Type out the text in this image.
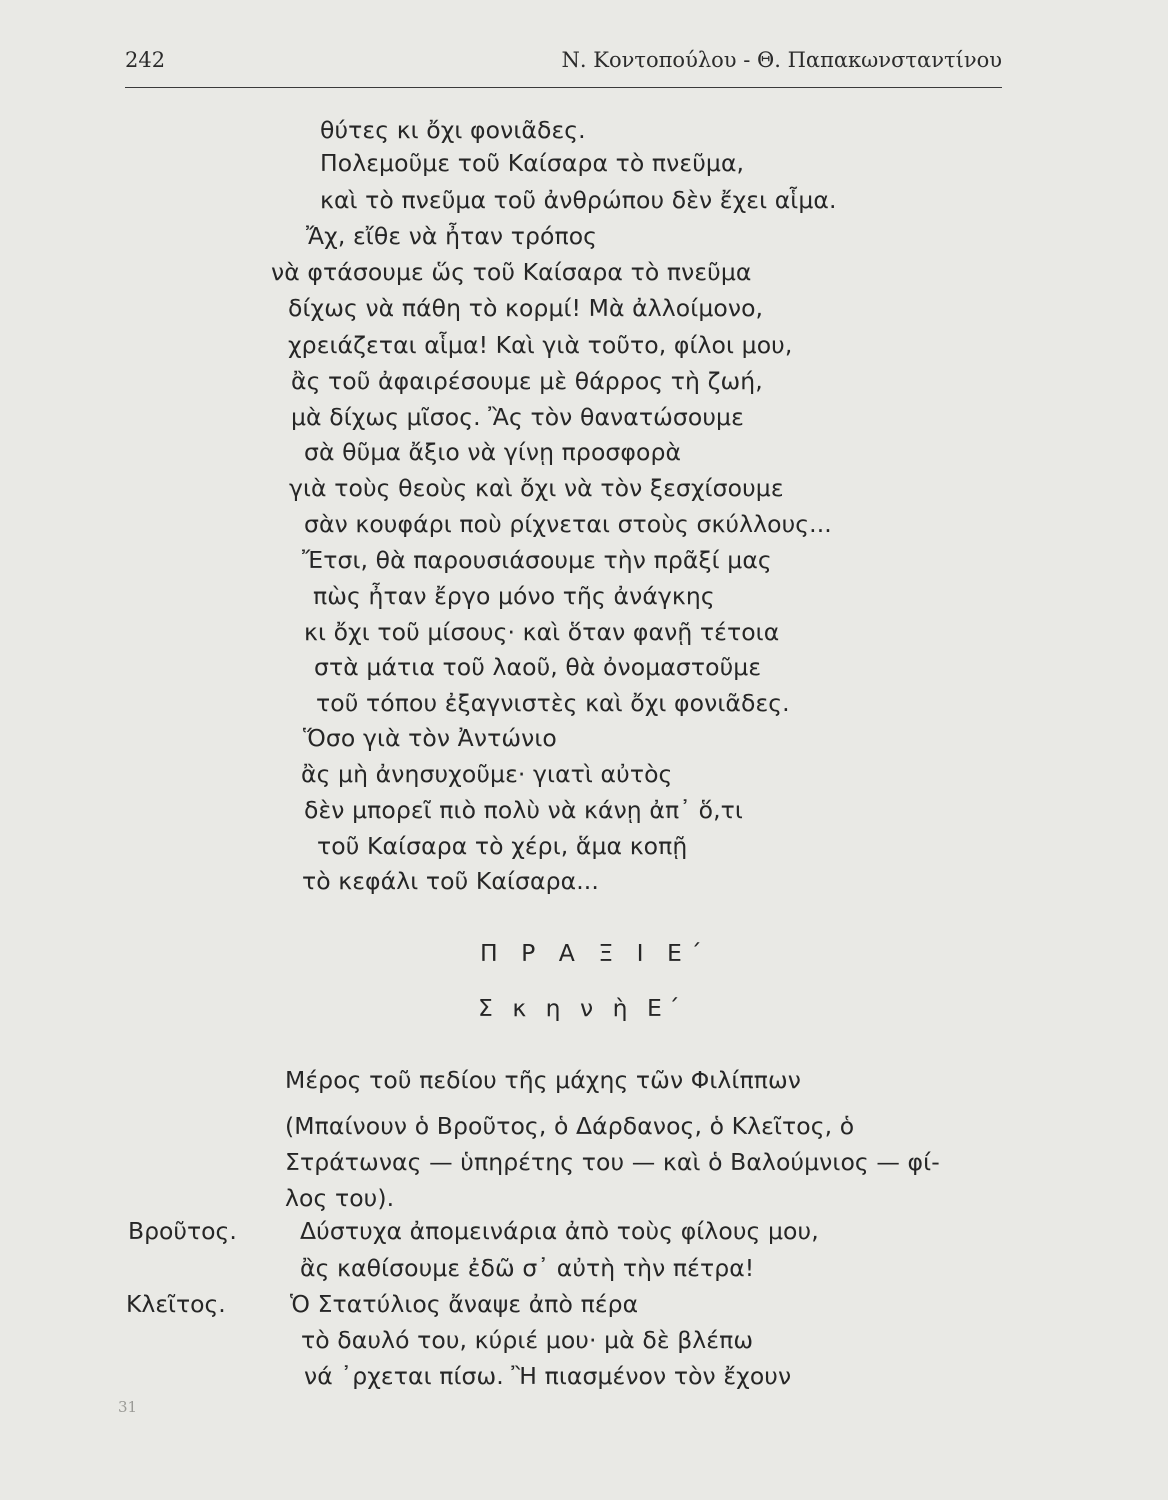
242	Ν. Κοντοπούλου - Θ. Παπακωνσταντίνου
θύτες κι ὄχι φονιᾶδες.
Πολεμοῦμε τοῦ Καίσαρα τὸ πνεῦμα,
καὶ τὸ πνεῦμα τοῦ ἀνθρώπου δὲν ἔχει αἷμα.
Ἄχ, εἴθε νὰ ἦταν τρόπος
νὰ φτάσουμε ὥς τοῦ Καίσαρα τὸ πνεῦμα
δίχως νὰ πάθη τὸ κορμί! Μὰ ἀλλοίμονο,
χρειάζεται αἷμα! Καὶ γιὰ τοῦτο, φίλοι μου,
ἂς τοῦ ἀφαιρέσουμε μὲ θάρρος τὴ ζωή,
μὰ δίχως μῖσος. Ἂς τὸν θανατώσουμε
σὰ θῦμα ἄξιο νὰ γίνῃ προσφορὰ
γιὰ τοὺς θεοὺς καὶ ὄχι νὰ τὸν ξεσχίσουμε
σὰν κουφάρι ποὺ ρίχνεται στοὺς σκύλλους...
Ἔτσι, θὰ παρουσιάσουμε τὴν πρᾶξί μας
πὼς ἦταν ἔργο μόνο τῆς ἀνάγκης
κι ὄχι τοῦ μίσους· καὶ ὅταν φανῇ τέτοια
στὰ μάτια τοῦ λαοῦ, θὰ ὀνομαστοῦμε
τοῦ τόπου ἐξαγνιστὲς καὶ ὄχι φονιᾶδες.
Ὅσο γιὰ τὸν Ἀντώνιο
ἂς μὴ ἀνησυχοῦμε· γιατὶ αὐτὸς
δὲν μπορεῖ πιὸ πολὺ νὰ κάνῃ ἀπ᾿ ὅ,τι
τοῦ Καίσαρα τὸ χέρι, ἅμα κοπῇ
τὸ κεφάλι τοῦ Καίσαρα...
Π Ρ Α Ξ Ι Ε΄
Σ κ η ν ὴ Ε΄
Μέρος τοῦ πεδίου τῆς μάχης τῶν Φιλίππων
(Μπαίνουν ὁ Βροῦτος, ὁ Δάρδανος, ὁ Κλεῖτος, ὁ
Στράτωνας — ὑπηρέτης του — καὶ ὁ Βαλούμνιος — φί-
λος του).
Βροῦτος.	Δύστυχα ἀπομεινάρια ἀπὸ τοὺς φίλους μου,
ἂς καθίσουμε ἐδῶ σ᾿ αὐτὴ τὴν πέτρα!
Κλεῖτος.	Ὁ Στατύλιος ἄναψε ἀπὸ πέρα
τὸ δαυλό του, κύριέ μου· μὰ δὲ βλέπω
νά ᾿ρχεται πίσω. Ἢ πιασμένον τὸν ἔχουν
31
